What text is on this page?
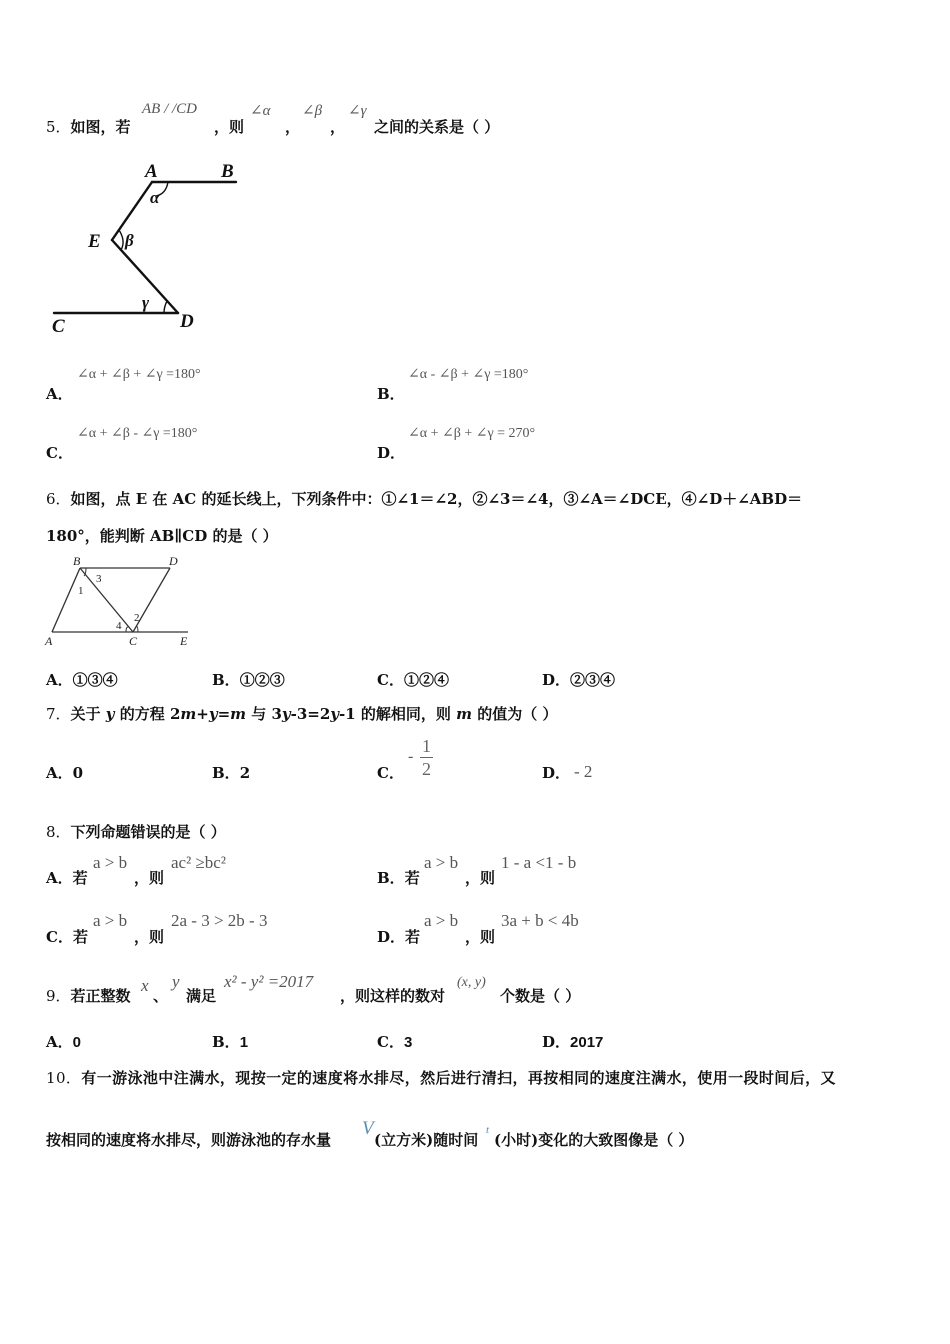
5．如图，若
AB / /CD
，则
∠α
，
∠β
，
∠γ
之间的关系是（ ）
A	B
E
C	D
α
β
γ
A．
∠α + ∠β + ∠γ =180°
B．
∠α - ∠β + ∠γ =180°
C．
∠α + ∠β - ∠γ =180°
D．
∠α + ∠β + ∠γ = 270°
6．如图，点 E 在 AC 的延长线上，下列条件中：①∠1＝∠2，②∠3＝∠4，③∠A＝∠DCE，④∠D＋∠ABD＝
180°，能判断 AB∥CD 的是（ ）
B	D
A	C	E
1
3
4
2
A．①③④	B．①②③	C．①②④	D．②③④
7．关于 y 的方程 2m+y=m 与 3y-3=2y-1 的解相同，则 m 的值为（ ）
A．0	B．2	C．
- $\frac{1}{2}$	D． - 2
8．下列命题错误的是（ ）
A．若
a > b
，则
ac² ≥bc²
B．若
a > b
，则
1 - a <1 - b
C．若
a > b
，则
2a - 3 > 2b - 3
D．若
a > b
，则
3a + b < 4b
9．若正整数
x
、
y
满足
x² - y² =2017
，则这样的数对
(x, y)
个数是（ ）
A．0	B．1	C．3	D．2017
10．有一游泳池中注满水，现按一定的速度将水排尽，然后进行清扫，再按相同的速度注满水，使用一段时间后，又
按相同的速度将水排尽，则游泳池的存水量
V
(立方米)随时间
t
(小时)变化的大致图像是（ ）
